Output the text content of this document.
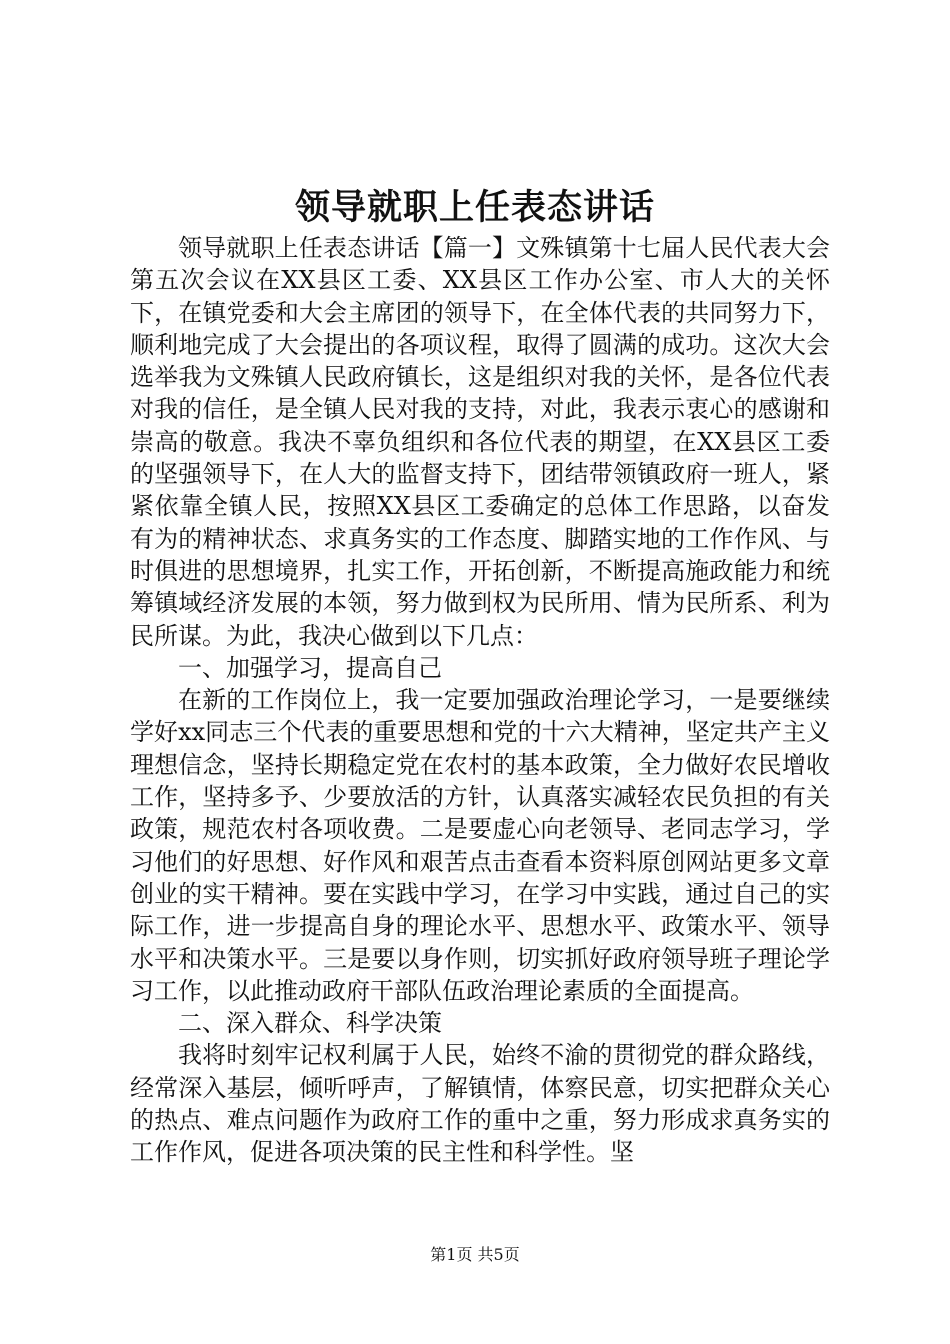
领导就职上任表态讲话

领导就职上任表态讲话【篇一】文殊镇第十七届人民代表大会第五次会议在XX县区工委、XX县区工作办公室、市人大的关怀下，在镇党委和大会主席团的领导下，在全体代表的共同努力下，顺利地完成了大会提出的各项议程，取得了圆满的成功。这次大会选举我为文殊镇人民政府镇长，这是组织对我的关怀，是各位代表对我的信任，是全镇人民对我的支持，对此，我表示衷心的感谢和崇高的敬意。我决不辜负组织和各位代表的期望，在XX县区工委的坚强领导下，在人大的监督支持下，团结带领镇政府一班人，紧紧依靠全镇人民，按照XX县区工委确定的总体工作思路，以奋发有为的精神状态、求真务实的工作态度、脚踏实地的工作作风、与时俱进的思想境界，扎实工作，开拓创新，不断提高施政能力和统筹镇域经济发展的本领，努力做到权为民所用、情为民所系、利为民所谋。为此，我决心做到以下几点：

一、加强学习，提高自己

在新的工作岗位上，我一定要加强政治理论学习，一是要继续学好xx同志三个代表的重要思想和党的十六大精神，坚定共产主义理想信念，坚持长期稳定党在农村的基本政策，全力做好农民增收工作，坚持多予、少要放活的方针，认真落实减轻农民负担的有关政策，规范农村各项收费。二是要虚心向老领导、老同志学习，学习他们的好思想、好作风和艰苦点击查看本资料原创网站更多文章创业的实干精神。要在实践中学习，在学习中实践，通过自己的实际工作，进一步提高自身的理论水平、思想水平、政策水平、领导水平和决策水平。三是要以身作则，切实抓好政府领导班子理论学习工作，以此推动政府干部队伍政治理论素质的全面提高。

二、深入群众、科学决策

我将时刻牢记权利属于人民，始终不渝的贯彻党的群众路线，经常深入基层，倾听呼声，了解镇情，体察民意，切实把群众关心的热点、难点问题作为政府工作的重中之重，努力形成求真务实的工作作风，促进各项决策的民主性和科学性。坚

第1页 共5页
